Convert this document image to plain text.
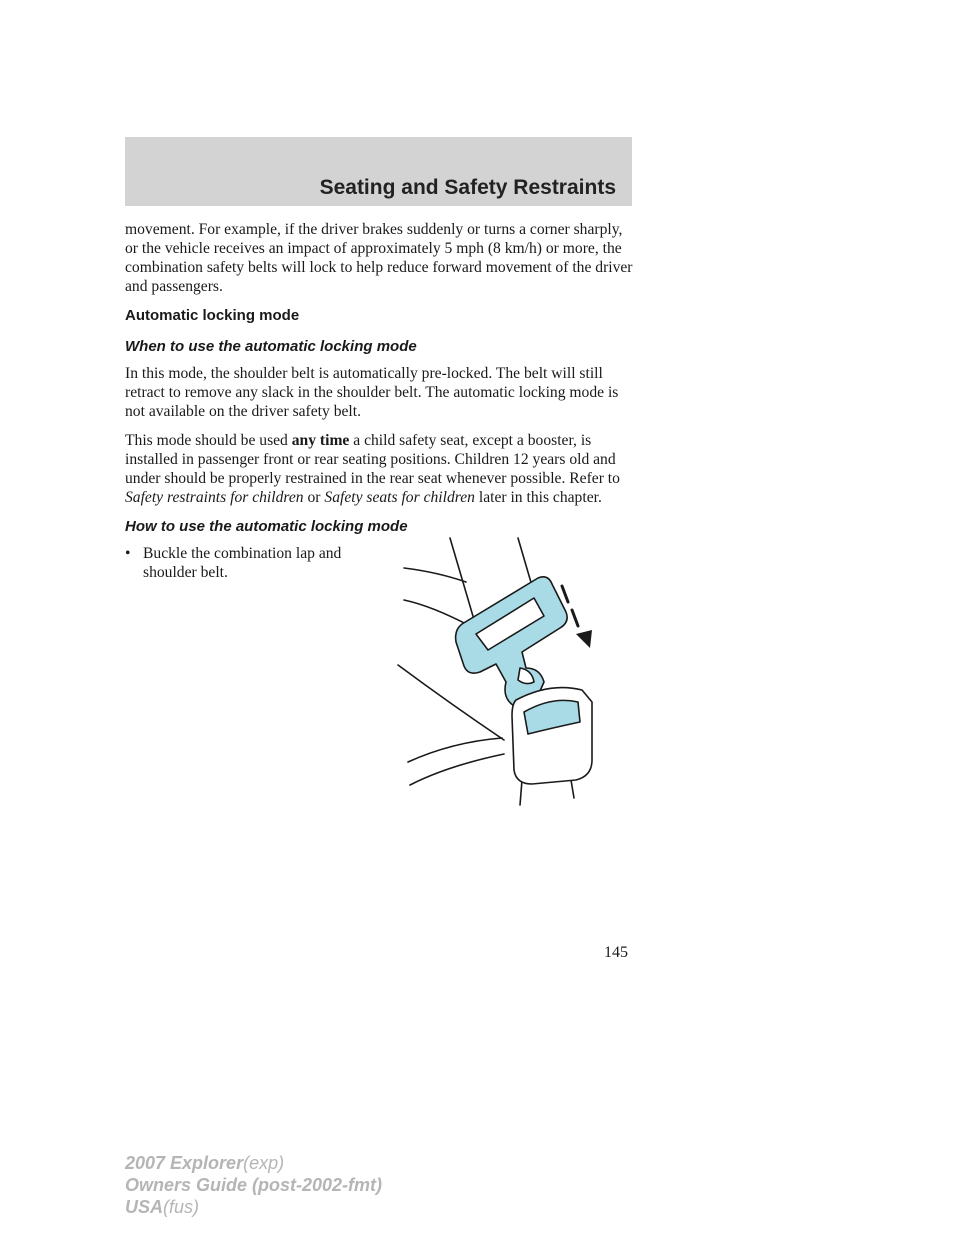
Seating and Safety Restraints

movement. For example, if the driver brakes suddenly or turns a corner sharply, or the vehicle receives an impact of approximately 5 mph (8 km/h) or more, the combination safety belts will lock to help reduce forward movement of the driver and passengers.

Automatic locking mode
When to use the automatic locking mode

In this mode, the shoulder belt is automatically pre-locked. The belt will still retract to remove any slack in the shoulder belt. The automatic locking mode is not available on the driver safety belt.

This mode should be used any time a child safety seat, except a booster, is installed in passenger front or rear seating positions. Children 12 years old and under should be properly restrained in the rear seat whenever possible. Refer to Safety restraints for children or Safety seats for children later in this chapter.

How to use the automatic locking mode
• Buckle the combination lap and shoulder belt.
145
2007 Explorer(exp)
Owners Guide (post-2002-fmt)
USA(fus)
